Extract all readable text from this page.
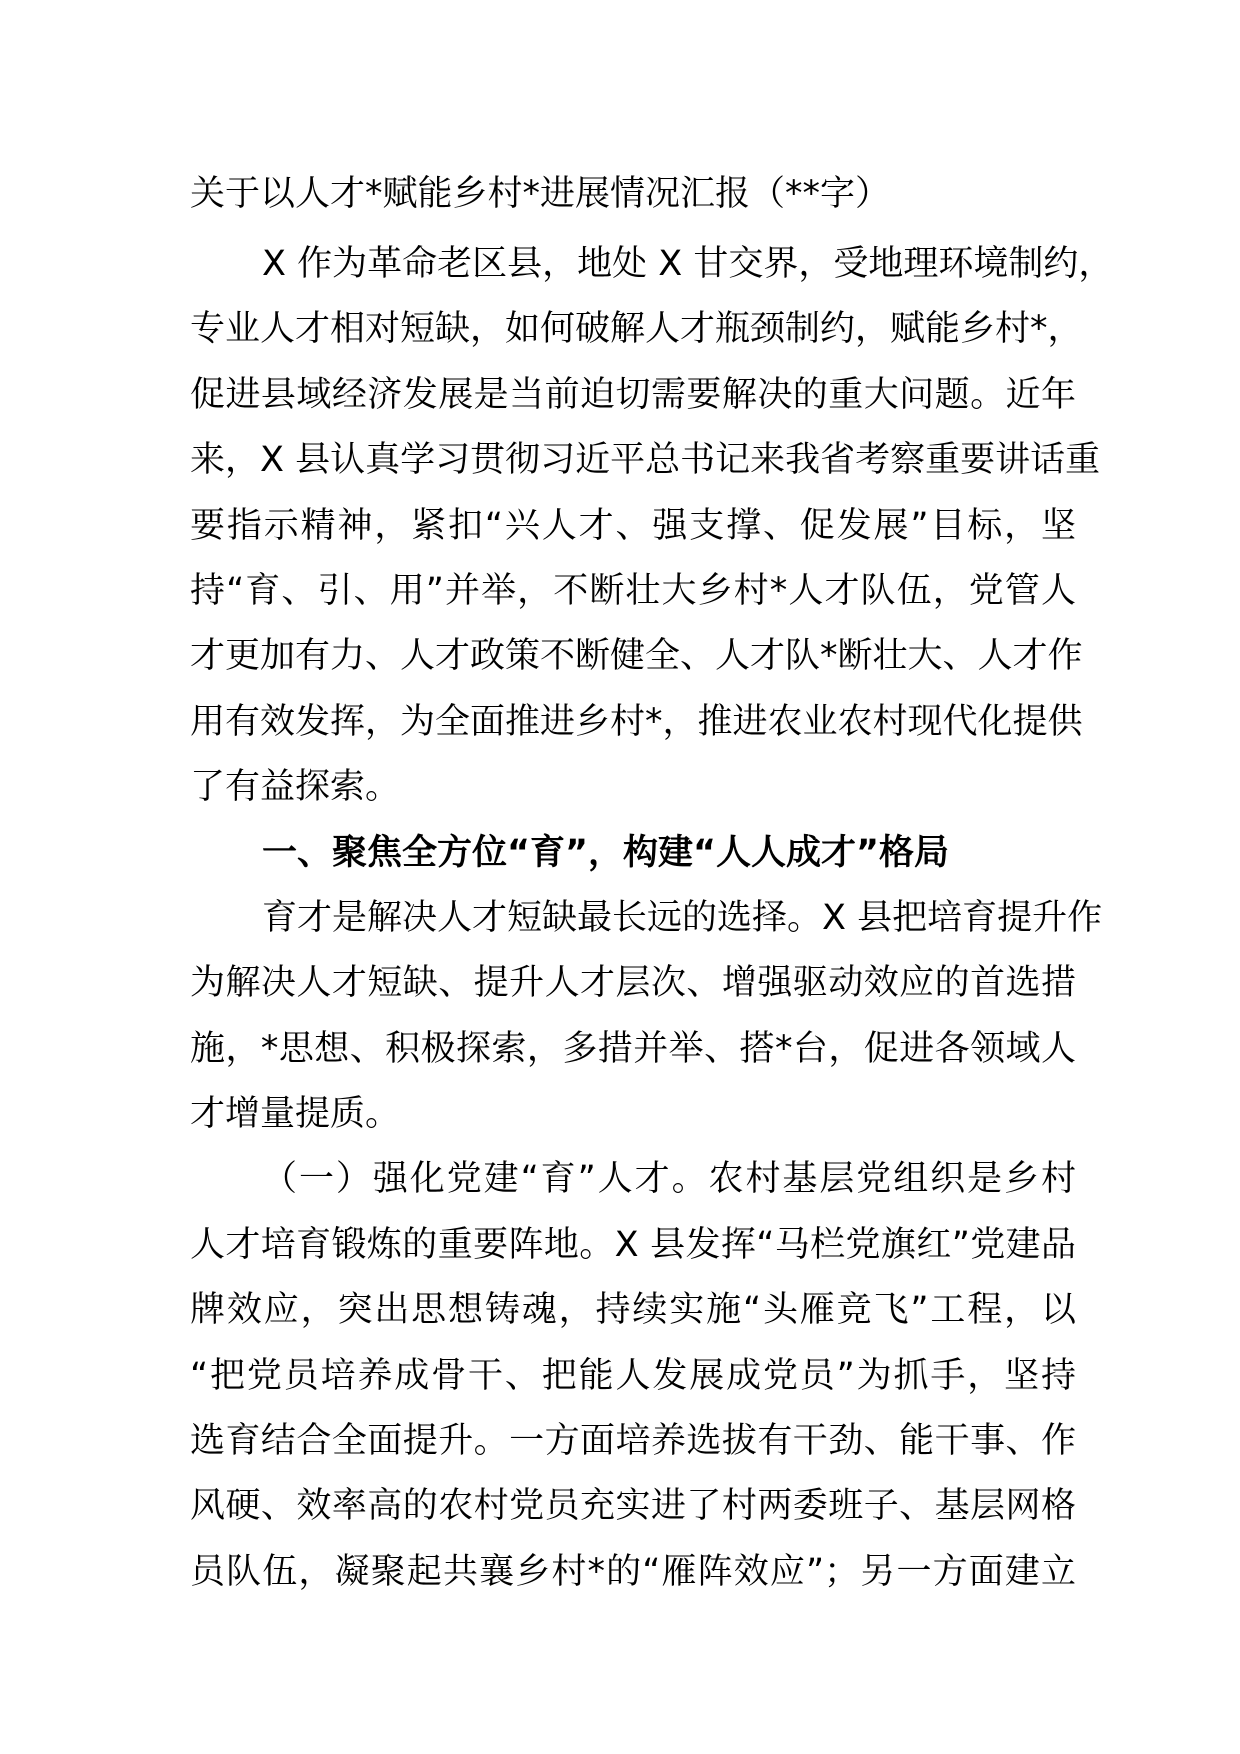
关于以人才*赋能乡村*进展情况汇报（**字）
X 作为革命老区县，地处 X 甘交界，受地理环境制约，
专业人才相对短缺，如何破解人才瓶颈制约，赋能乡村*，
促进县域经济发展是当前迫切需要解决的重大问题。近年
来，X 县认真学习贯彻习近平总书记来我省考察重要讲话重
要指示精神，紧扣“兴人才、强支撑、促发展”目标，坚
持“育、引、用”并举，不断壮大乡村*人才队伍，党管人
才更加有力、人才政策不断健全、人才队*断壮大、人才作
用有效发挥，为全面推进乡村*，推进农业农村现代化提供
了有益探索。
一、聚焦全方位“育”，构建“人人成才”格局
育才是解决人才短缺最长远的选择。X 县把培育提升作
为解决人才短缺、提升人才层次、增强驱动效应的首选措
施，*思想、积极探索，多措并举、搭*台，促进各领域人
才增量提质。
（一）强化党建“育”人才。农村基层党组织是乡村
人才培育锻炼的重要阵地。X 县发挥“马栏党旗红”党建品
牌效应，突出思想铸魂，持续实施“头雁竞飞”工程，以
“把党员培养成骨干、把能人发展成党员”为抓手，坚持
选育结合全面提升。一方面培养选拔有干劲、能干事、作
风硬、效率高的农村党员充实进了村两委班子、基层网格
员队伍，凝聚起共襄乡村*的“雁阵效应”；另一方面建立
